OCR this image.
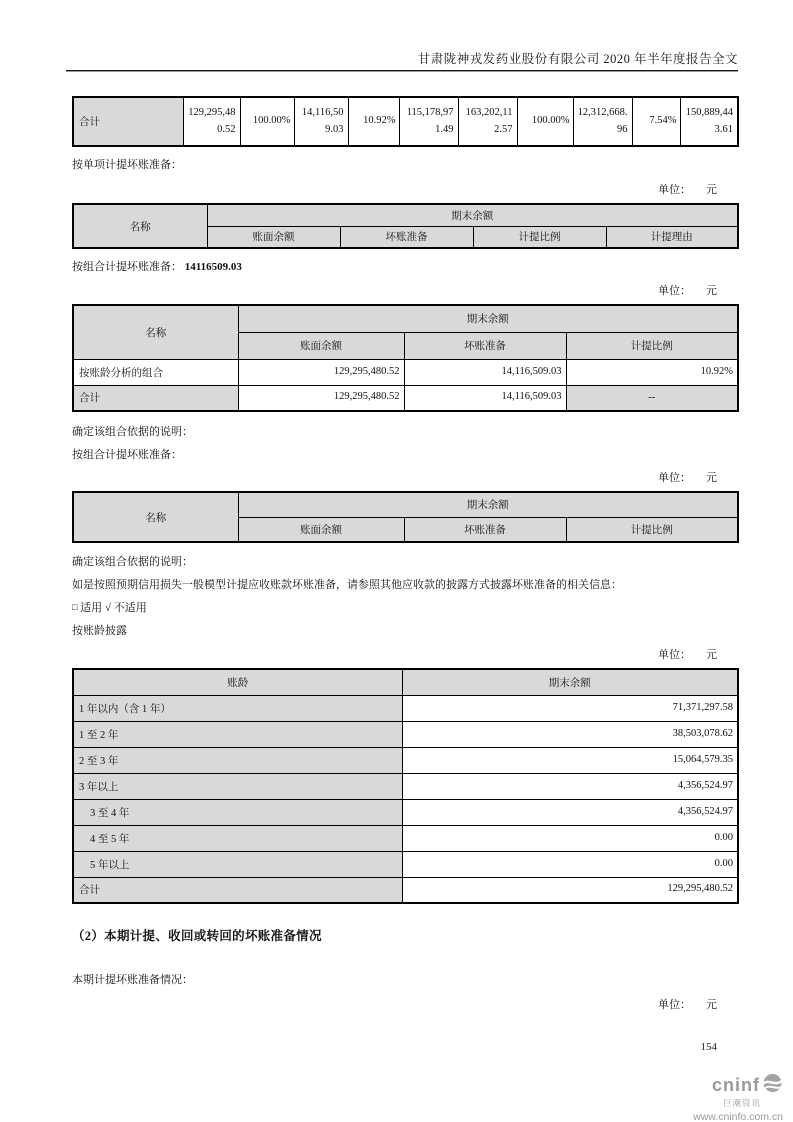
甘肃陇神戎发药业股份有限公司 2020 年半年度报告全文
合计	129,295,480.52	100.00%	14,116,509.03	10.92%	115,178,971.49	163,202,112.57	100.00%	12,312,668.96	7.54%	150,889,443.61

按单项计提坏账准备：

单位： 元
名称	期末余额			
	账面余额	坏账准备	计提比例	计提理由

按组合计提坏账准备： 14116509.03

单位： 元
名称	期末余额		
	账面余额	坏账准备	计提比例
按账龄分析的组合	129,295,480.52	14,116,509.03	10.92%
合计	129,295,480.52	14,116,509.03	--

确定该组合依据的说明：

按组合计提坏账准备：

单位： 元
名称	期末余额		
	账面余额	坏账准备	计提比例

确定该组合依据的说明：

如是按照预期信用损失一般模型计提应收账款坏账准备，请参照其他应收款的披露方式披露坏账准备的相关信息：

□ 适用 √ 不适用

按账龄披露

单位： 元
账龄	期末余额
1 年以内（含 1 年）	71,371,297.58
1 至 2 年	38,503,078.62
2 至 3 年	15,064,579.35
3 年以上	4,356,524.97
3 至 4 年	4,356,524.97
4 至 5 年	0.00
5 年以上	0.00
合计	129,295,480.52
（2）本期计提、收回或转回的坏账准备情况

本期计提坏账准备情况：

单位： 元
154
cninf
巨潮资讯
www.cninfo.com.cn
